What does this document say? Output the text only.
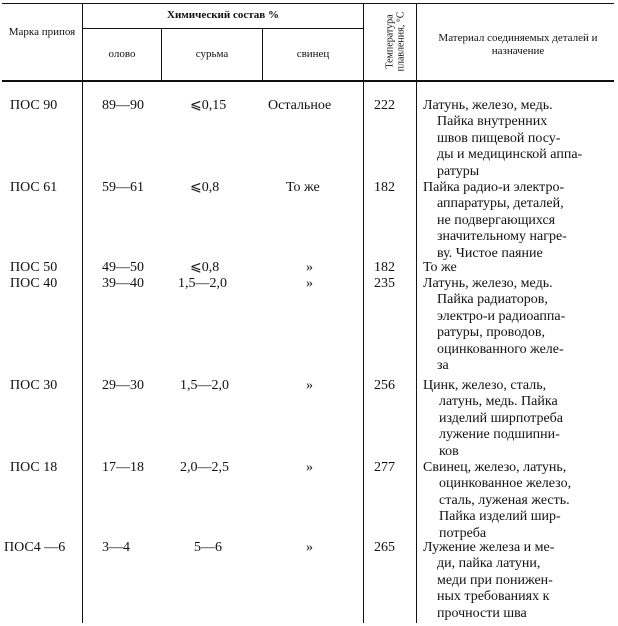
Марка припоя
Химический состав %
олово	сурьма	свинец	Температура плавления, °С	Материал соединяемых деталей и назначение
ПОС 90	89—90	⩽0,15	Остальное	222 Латунь, железо, медь.
Пайка внутренних
швов пищевой посу-
ды и медицинской аппа-
ратуры
ПОС 61	59—61	⩽0,8	То же	182 Пайка радио-и электро-
аппаратуры, деталей,
не подвергающихся
значительному нагре-
ву. Чистое паяние
ПОС 50	49—50	⩽0,8	»	182 То же
ПОС 40	39—40 1,5—2,0	»	235 Латунь, железо, медь.
Пайка радиаторов,
электро-и радиоаппа-
ратуры, проводов,
оцинкованного желе-
за
ПОС 30	29—30	1,5—2,0	»	256 Цинк, железо, сталь,
латунь, медь. Пайка
изделий ширпотреба
лужение подшипни-
ков
ПОС 18	17—18	2,0—2,5	»	277 Свинец, железо, латунь,
оцинкованное железо,
сталь, луженая жесть.
Пайка изделий шир-
потреба
ПОС4 —6	3—4	5—6	»	265 Лужение железа и ме-
ди, пайка латуни,
меди при понижен-
ных требованиях к
прочности шва
